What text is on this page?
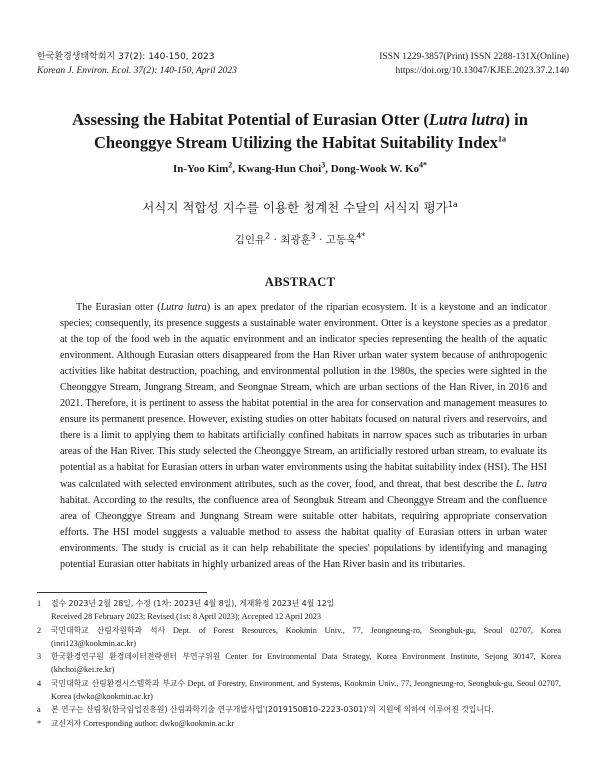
한국환경생태학회지 37(2): 140-150, 2023
Korean J. Environ. Ecol. 37(2): 140-150, April 2023
ISSN 1229-3857(Print) ISSN 2288-131X(Online)
https://doi.org/10.13047/KJEE.2023.37.2.140
Assessing the Habitat Potential of Eurasian Otter (Lutra lutra) in Cheonggye Stream Utilizing the Habitat Suitability Index$^{1a}$
In-Yoo Kim$^2$, Kwang-Hun Choi$^3$, Dong-Wook W. $Ko^{4*}$
서식지 적합성 지수를 이용한 청계천 수달의 서식지 평가$^{1a}$
김인유$^2$ · 최광훈$^3$ · 고동욱$^{4*}$
ABSTRACT

The Eurasian otter (Lutra lutra) is an apex predator of the riparian ecosystem. It is a keystone and an indicator species; consequently, its presence suggests a sustainable water environment. Otter is a keystone species as a predator at the top of the food web in the aquatic environment and an indicator species representing the health of the aquatic environment. Although Eurasian otters disappeared from the Han River urban water system because of anthropogenic activities like habitat destruction, poaching, and environmental pollution in the 1980s, the species were sighted in the Cheonggye Stream, Jungrang Stream, and Seongnae Stream, which are urban sections of the Han River, in 2016 and 2021. Therefore, it is pertinent to assess the habitat potential in the area for conservation and management measures to ensure its permanent presence. However, existing studies on otter habitats focused on natural rivers and reservoirs, and there is a limit to applying them to habitats artificially confined habitats in narrow spaces such as tributaries in urban areas of the Han River. This study selected the Cheonggye Stream, an artificially restored urban stream, to evaluate its potential as a habitat for Eurasian otters in urban water environments using the habitat suitability index (HSI). The HSI was calculated with selected environment attributes, such as the cover, food, and threat, that best describe the L. lutra habitat. According to the results, the confluence area of Seongbuk Stream and Cheonggye Stream and the confluence area of Cheonggye Stream and Jungnang Stream were suitable otter habitats, requiring appropriate conservation efforts. The HSI model suggests a valuable method to assess the habitat quality of Eurasian otters in urban water environments. The study is crucial as it can help rehabilitate the species' populations by identifying and managing potential Eurasian otter habitats in highly urbanized areas of the Han River basin and its tributaries.

1 접수 2023년 2월 28일, 수정 (1차: 2023년 4월 8일), 게재확정 2023년 4월 12일
Received 28 February 2023; Revised (1st: 8 April 2023); Accepted 12 April 2023
2 국민대학교 산림자원학과 석사 Dept. of Forest Resources, Kookmin Univ., 77, Jeongneung-ro, Seongbuk-gu, Seoul 02707, Korea (inri123@kookmin.ac.kr)
3 한국환경연구원 환경데이터전략센터 부연구위원 Center for Environmental Data Strategy, Korea Environment Institute, Sejong 30147, Korea (khchoi@kei.re.kr)
4 국민대학교 산림환경시스템학과 부교수 Dept. of Forestry, Environment, and Systems, Kookmin Univ., 77, Jeongneung-ro, Seongbuk-gu, Seoul 02707, Korea (dwko@kookmin.ac.kr)
a 본 연구는 산림청(한국임업진흥원) 산림과학기술 연구개발사업'(2019150B10-2223-0301)'의 지원에 의하여 이루어진 것입니다.
* 교신저자 Corresponding author: dwko@kookmin.ac.kr
